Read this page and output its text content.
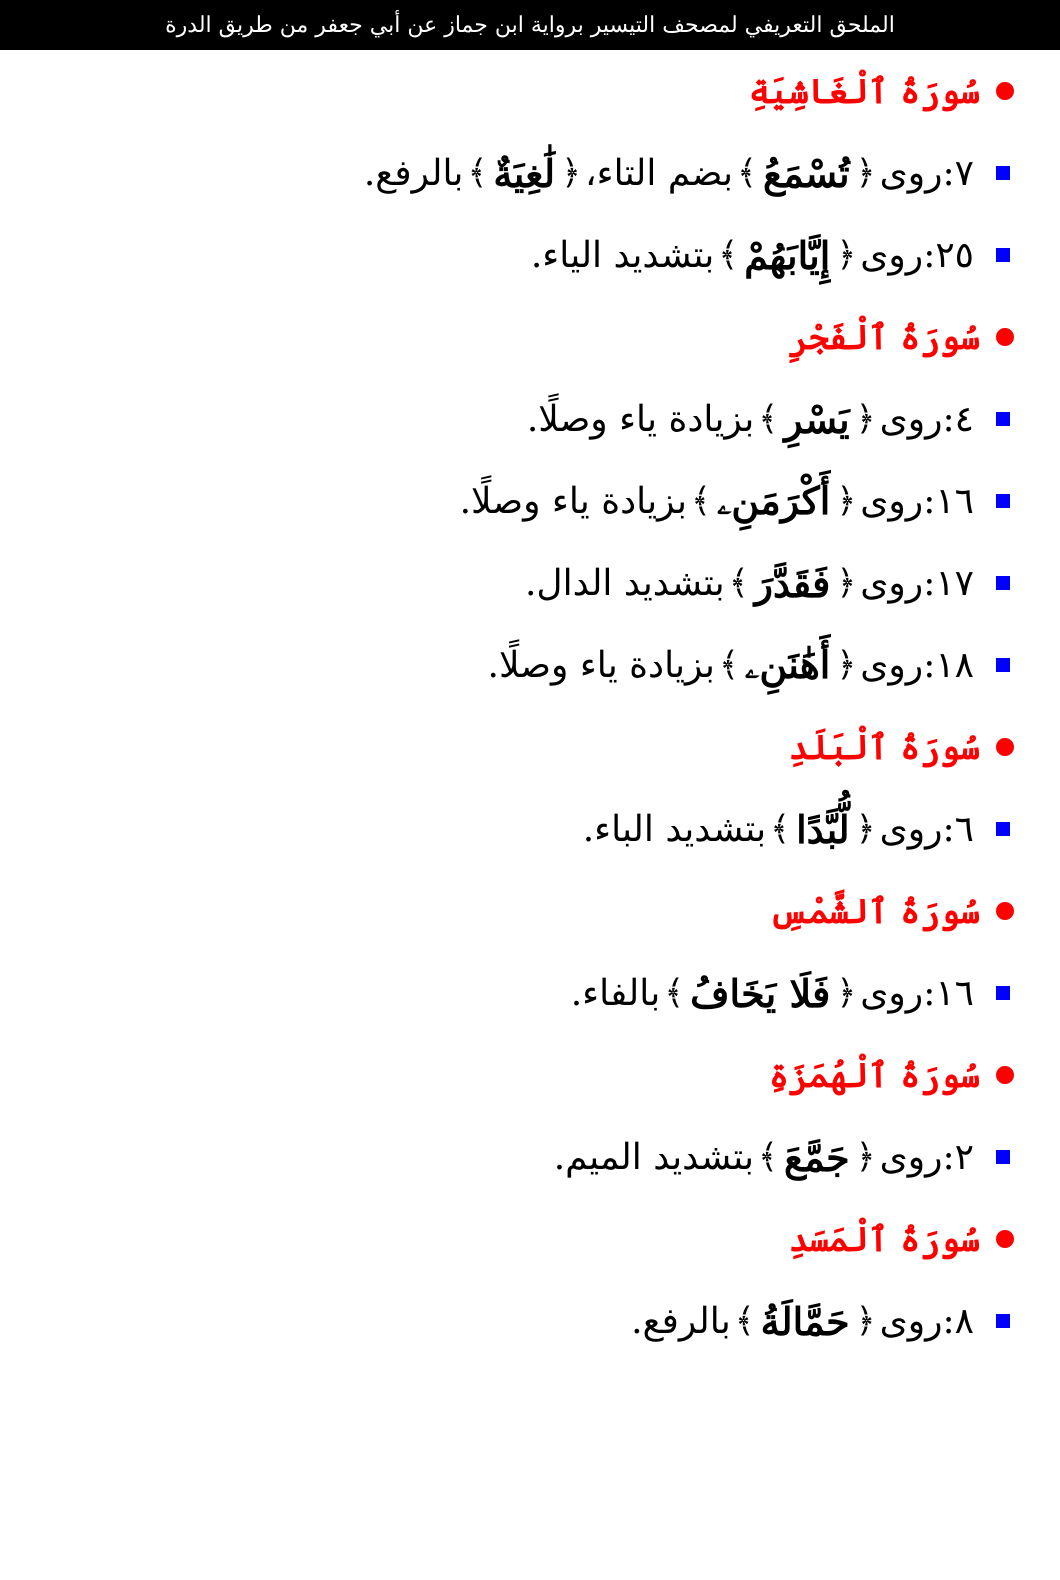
الملحق التعريفي لمصحف التيسير برواية ابن جماز عن أبي جعفر من طريق الدرة
سُورَةُ ٱلْغَاشِيَةِ
٧
:
روى
﴿
تُسْمَعُ
﴾
بضم التاء،
﴿
لَٰغِيَةٌ
﴾
بالرفع.
٢٥
:
روى
﴿
إِيَّابَهُمْ
﴾
بتشديد الياء.
سُورَةُ ٱلْفَجْرِ
٤
:
روى
﴿
يَسْرِ
﴾
بزيادة ياء وصلًا.
١٦
:
روى
﴿
أَكْرَمَنِۦ
﴾
بزيادة ياء وصلًا.
١٧
:
روى
﴿
فَقَدَّرَ
﴾
بتشديد الدال.
١٨
:
روى
﴿
أَهَٰنَنِۦ
﴾
بزيادة ياء وصلًا.
سُورَةُ ٱلْبَلَدِ
٦
:
روى
﴿
لُّبَّدًا
﴾
بتشديد الباء.
سُورَةُ ٱلشَّمْسِ
١٦
:
روى
﴿
فَلَا يَخَافُ
﴾
بالفاء.
سُورَةُ ٱلْهُمَزَةِ
٢
:
روى
﴿
جَمَّعَ
﴾
بتشديد الميم.
سُورَةُ ٱلْمَسَدِ
٨
:
روى
﴿
حَمَّالَةُ
﴾
بالرفع.
